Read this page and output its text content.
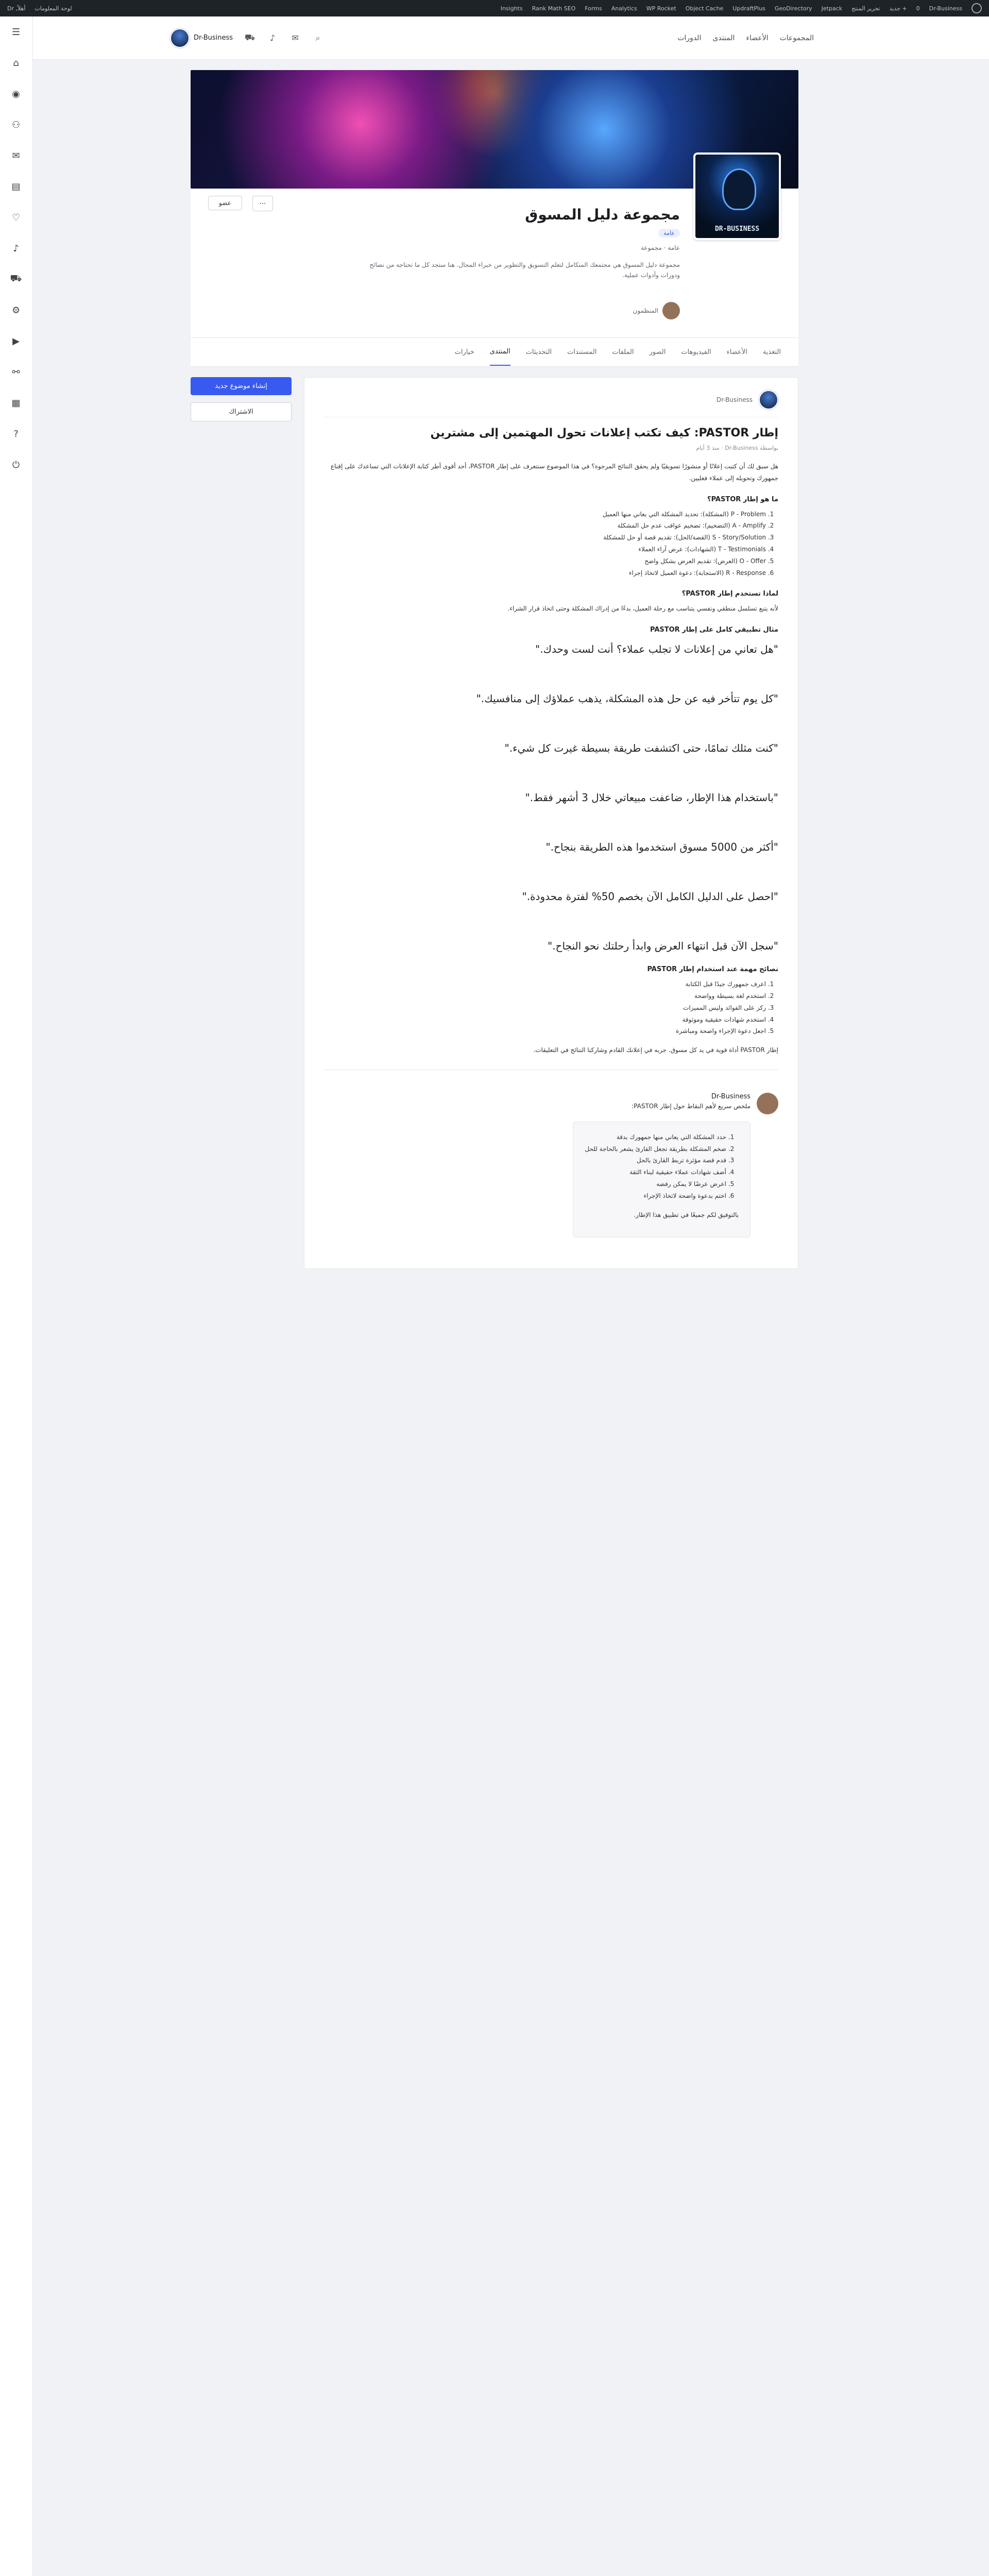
Dr-Business
0
+ جديد
تحرير المنتج
Jetpack
GeoDirectory
UpdraftPlus
Object Cache
WP Rocket
Analytics
Forms
Rank Math SEO
Insights
لوحة المعلومات
أهلاً, Dr
☰
⌂
◉
⚇
✉
▤
♡
♪
⛟
⚙
▶
⚯
▦
?
⏻
المجموعات
الأعضاء
المنتدى
الدورات
⌕
✉
♪
⛟
Dr-Business
DR-BUSINESS
مجموعة دليل المسوق
عامة
عامة · مجموعة
مجموعة دليل المسوق هي مجتمعك المتكامل لتعلم التسويق والتطوير من خبراء المجال. هنا ستجد كل ما تحتاجه من نصائح ودورات وأدوات عملية.
عضو	⋯
المنظمون
التغذية
الأعضاء
الفيديوهات
الصور
الملفات
المستندات
التحديثات
المنتدى
خيارات
Dr-Business
إطار PASTOR: كيف تكتب إعلانات تحول المهتمين إلى مشترين
بواسطة Dr-Business · منذ 3 أيام

هل سبق لك أن كتبت إعلانًا أو منشورًا تسويقيًا ولم يحقق النتائج المرجوة؟ في هذا الموضوع سنتعرف على إطار PASTOR، أحد أقوى أطر كتابة الإعلانات التي تساعدك على إقناع جمهورك وتحويله إلى عملاء فعليين.

ما هو إطار PASTOR؟
1. P - Problem (المشكلة): تحديد المشكلة التي يعاني منها العميل
2. A - Amplify (التضخيم): تضخيم عواقب عدم حل المشكلة
3. S - Story/Solution (القصة/الحل): تقديم قصة أو حل للمشكلة
4. T - Testimonials (الشهادات): عرض آراء العملاء
5. O - Offer (العرض): تقديم العرض بشكل واضح
6. R - Response (الاستجابة): دعوة العميل لاتخاذ إجراء
لماذا تستخدم إطار PASTOR؟

لأنه يتبع تسلسل منطقي ونفسي يتناسب مع رحلة العميل، بدءًا من إدراك المشكلة وحتى اتخاذ قرار الشراء.

مثال تطبيقي كامل على إطار PASTOR
"هل تعاني من إعلانات لا تجلب عملاء؟ أنت لست وحدك."
"كل يوم تتأخر فيه عن حل هذه المشكلة، يذهب عملاؤك إلى منافسيك."
"كنت مثلك تمامًا، حتى اكتشفت طريقة بسيطة غيرت كل شيء."
"باستخدام هذا الإطار، ضاعفت مبيعاتي خلال 3 أشهر فقط."
"أكثر من 5000 مسوق استخدموا هذه الطريقة بنجاح."
"احصل على الدليل الكامل الآن بخصم 50% لفترة محدودة."
"سجل الآن قبل انتهاء العرض وابدأ رحلتك نحو النجاح."
نصائح مهمة عند استخدام إطار PASTOR
1. اعرف جمهورك جيدًا قبل الكتابة
2. استخدم لغة بسيطة وواضحة
3. ركز على الفوائد وليس المميزات
4. استخدم شهادات حقيقية وموثوقة
5. اجعل دعوة الإجراء واضحة ومباشرة

إطار PASTOR أداة قوية في يد كل مسوق. جربه في إعلانك القادم وشاركنا النتائج في التعليقات.

Dr-Business

ملخص سريع لأهم النقاط حول إطار PASTOR:

1. حدد المشكلة التي يعاني منها جمهورك بدقة
2. ضخم المشكلة بطريقة تجعل القارئ يشعر بالحاجة للحل
3. قدم قصة مؤثرة تربط القارئ بالحل
4. أضف شهادات عملاء حقيقية لبناء الثقة
5. اعرض عرضًا لا يمكن رفضه
6. اختم بدعوة واضحة لاتخاذ الإجراء

بالتوفيق لكم جميعًا في تطبيق هذا الإطار.

إنشاء موضوع جديد
الاشتراك
